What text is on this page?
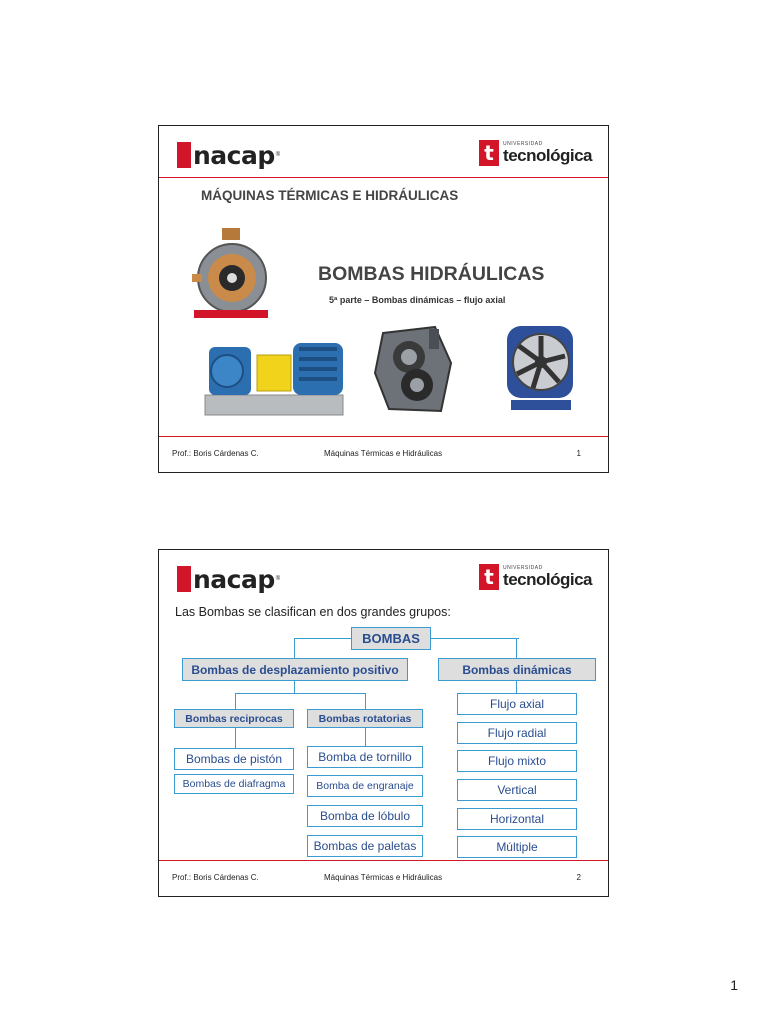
nacap ®	t	UNIVERSIDAD
tecnológica
MÁQUINAS TÉRMICAS E HIDRÁULICAS
BOMBAS HIDRÁULICAS
5ª parte – Bombas dinámicas – flujo axial
Prof.: Boris Cárdenas C.	Máquinas Térmicas e Hidráulicas	1
nacap ®	t	UNIVERSIDAD
tecnológica
Las Bombas se clasifican en dos grandes grupos:
BOMBAS
Bombas de desplazamiento positivo	Bombas dinámicas
Bombas reciprocas	Bombas rotatorias
Bombas de pistón
Bombas de diafragma
Bomba de tornillo
Bomba de engranaje
Bomba de lóbulo
Bombas de paletas
Flujo axial
Flujo radial
Flujo mixto
Vertical
Horizontal
Múltiple
Prof.: Boris Cárdenas C.	Máquinas Térmicas e Hidráulicas	2
1
